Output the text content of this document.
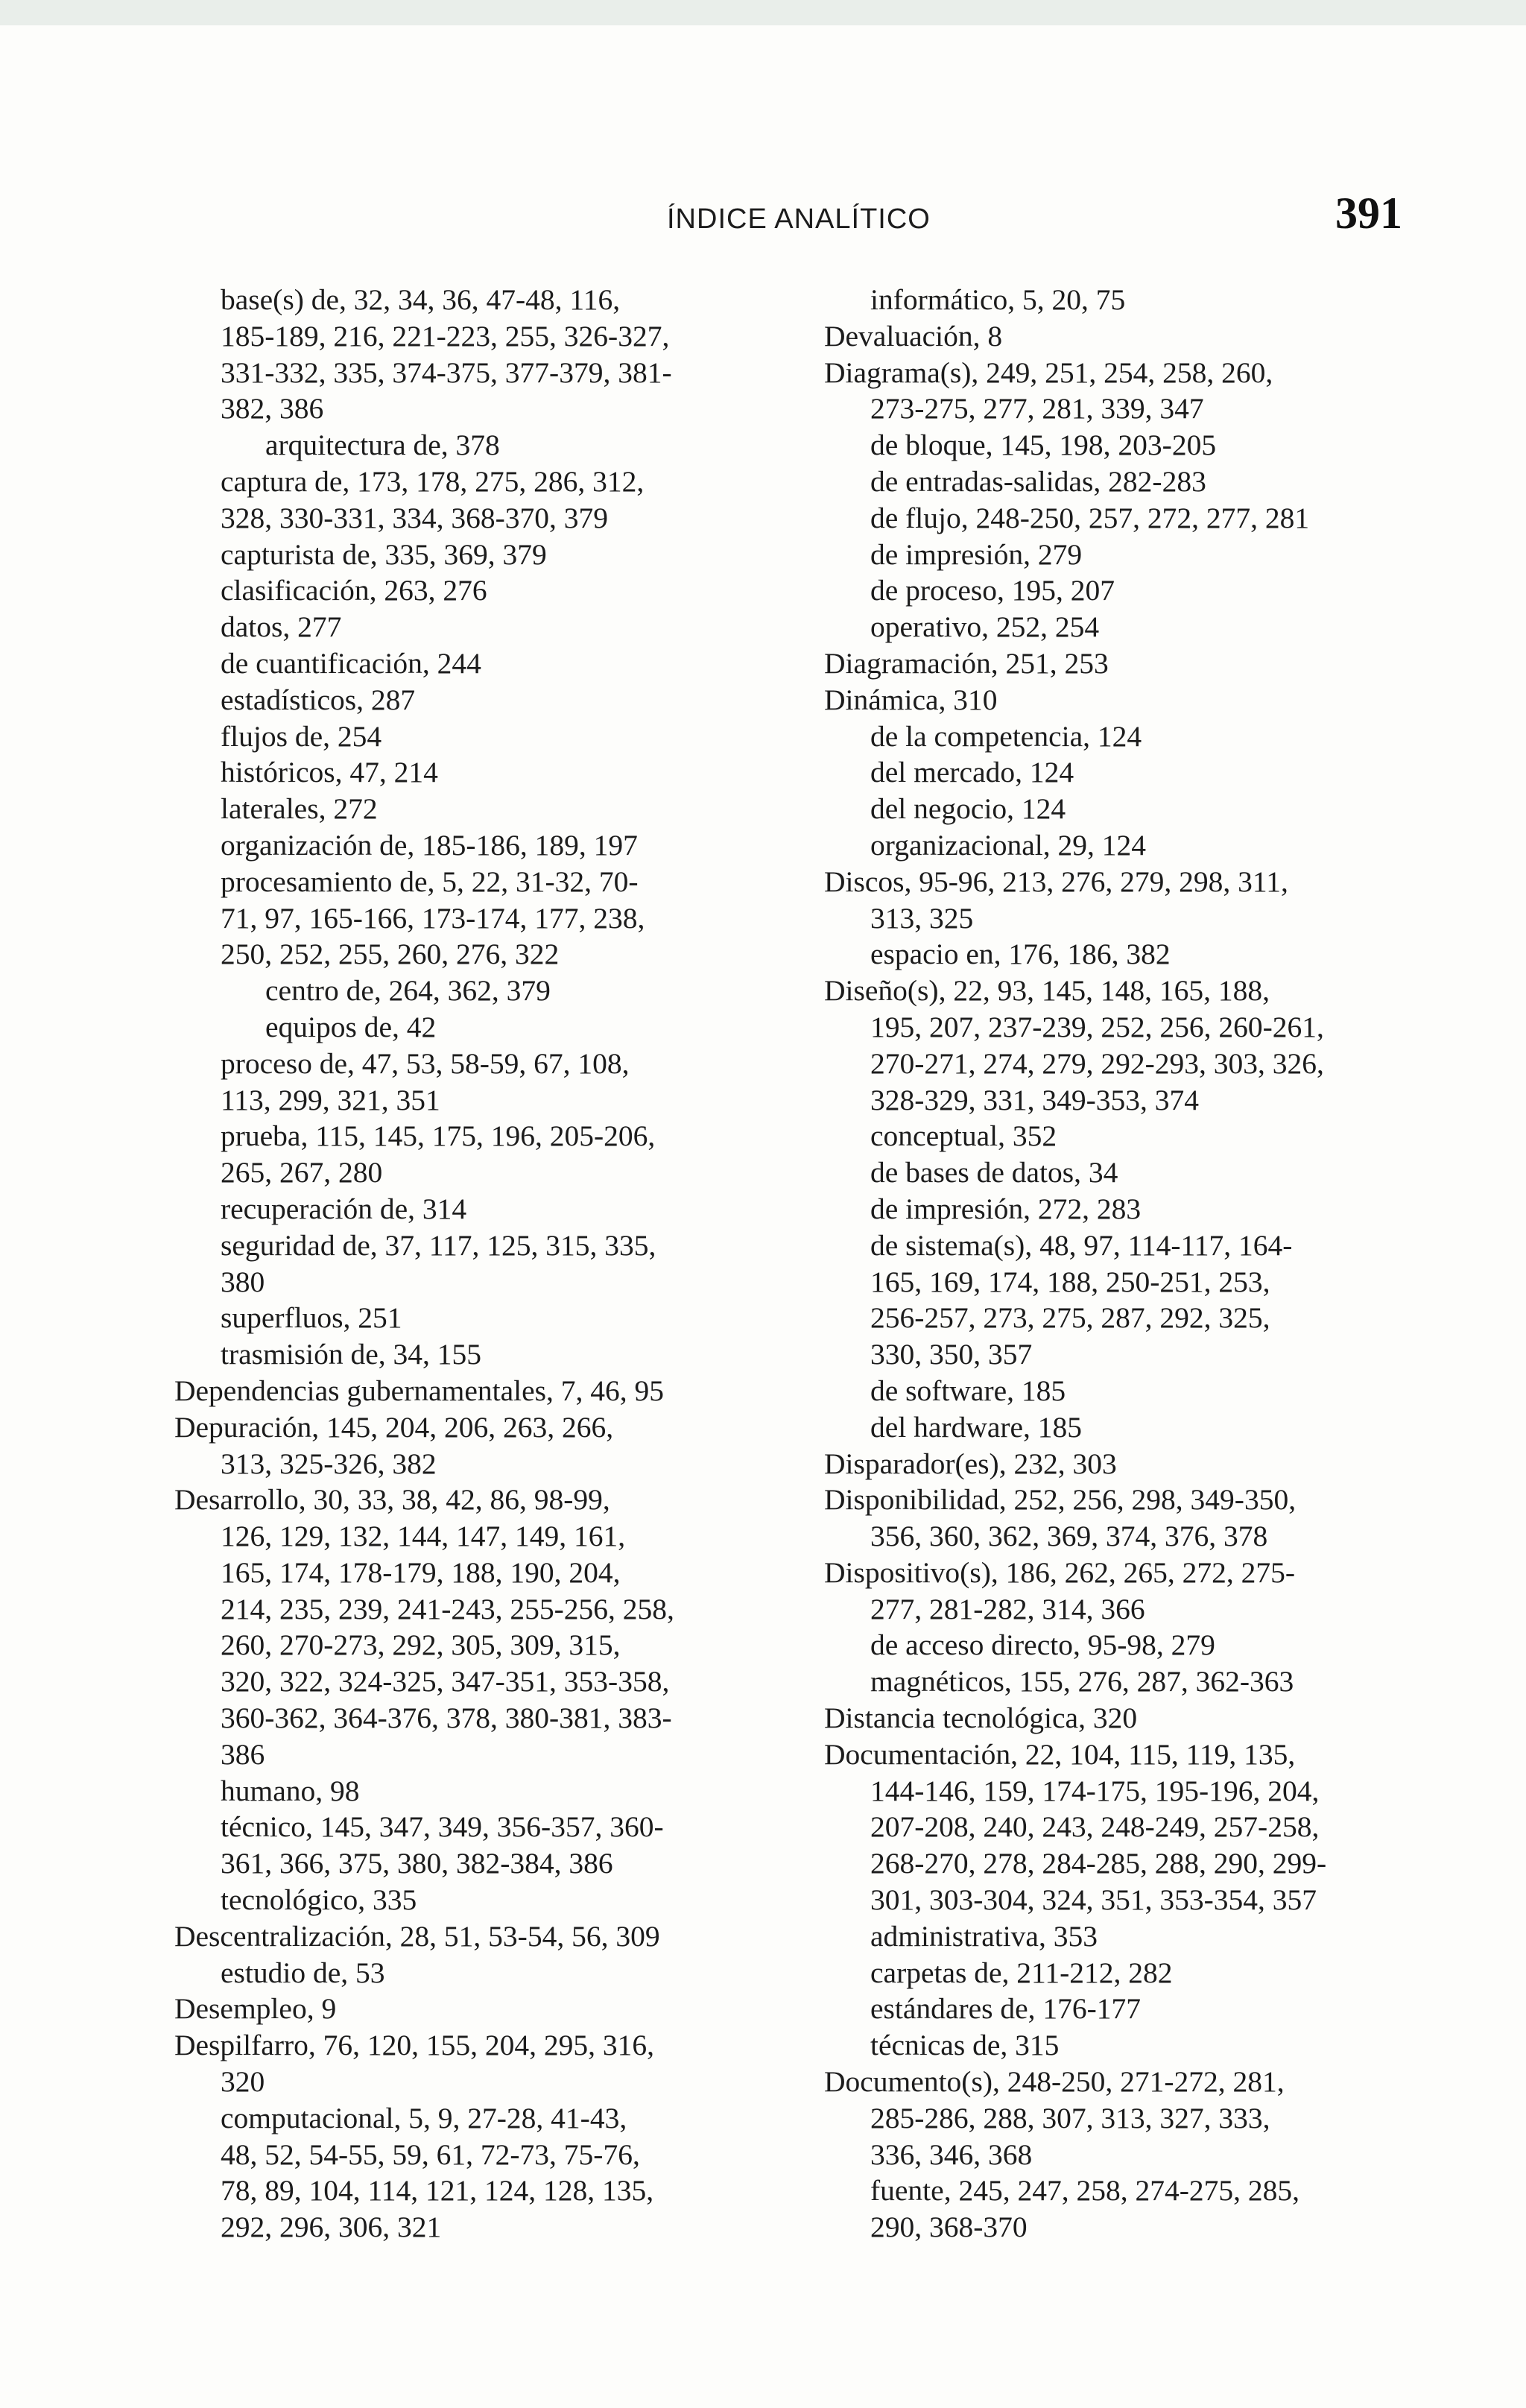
ÍNDICE ANALÍTICO	391
base(s) de, 32, 34, 36, 47-48, 116,
185-189, 216, 221-223, 255, 326-327,
331-332, 335, 374-375, 377-379, 381-
382, 386
arquitectura de, 378
captura de, 173, 178, 275, 286, 312,
328, 330-331, 334, 368-370, 379
capturista de, 335, 369, 379
clasificación, 263, 276
datos, 277
de cuantificación, 244
estadísticos, 287
flujos de, 254
históricos, 47, 214
laterales, 272
organización de, 185-186, 189, 197
procesamiento de, 5, 22, 31-32, 70-
71, 97, 165-166, 173-174, 177, 238,
250, 252, 255, 260, 276, 322
centro de, 264, 362, 379
equipos de, 42
proceso de, 47, 53, 58-59, 67, 108,
113, 299, 321, 351
prueba, 115, 145, 175, 196, 205-206,
265, 267, 280
recuperación de, 314
seguridad de, 37, 117, 125, 315, 335,
380
superfluos, 251
trasmisión de, 34, 155
Dependencias gubernamentales, 7, 46, 95
Depuración, 145, 204, 206, 263, 266,
313, 325-326, 382
Desarrollo, 30, 33, 38, 42, 86, 98-99,
126, 129, 132, 144, 147, 149, 161,
165, 174, 178-179, 188, 190, 204,
214, 235, 239, 241-243, 255-256, 258,
260, 270-273, 292, 305, 309, 315,
320, 322, 324-325, 347-351, 353-358,
360-362, 364-376, 378, 380-381, 383-
386
humano, 98
técnico, 145, 347, 349, 356-357, 360-
361, 366, 375, 380, 382-384, 386
tecnológico, 335
Descentralización, 28, 51, 53-54, 56, 309
estudio de, 53
Desempleo, 9
Despilfarro, 76, 120, 155, 204, 295, 316,
320
computacional, 5, 9, 27-28, 41-43,
48, 52, 54-55, 59, 61, 72-73, 75-76,
78, 89, 104, 114, 121, 124, 128, 135,
292, 296, 306, 321
informático, 5, 20, 75
Devaluación, 8
Diagrama(s), 249, 251, 254, 258, 260,
273-275, 277, 281, 339, 347
de bloque, 145, 198, 203-205
de entradas-salidas, 282-283
de flujo, 248-250, 257, 272, 277, 281
de impresión, 279
de proceso, 195, 207
operativo, 252, 254
Diagramación, 251, 253
Dinámica, 310
de la competencia, 124
del mercado, 124
del negocio, 124
organizacional, 29, 124
Discos, 95-96, 213, 276, 279, 298, 311,
313, 325
espacio en, 176, 186, 382
Diseño(s), 22, 93, 145, 148, 165, 188,
195, 207, 237-239, 252, 256, 260-261,
270-271, 274, 279, 292-293, 303, 326,
328-329, 331, 349-353, 374
conceptual, 352
de bases de datos, 34
de impresión, 272, 283
de sistema(s), 48, 97, 114-117, 164-
165, 169, 174, 188, 250-251, 253,
256-257, 273, 275, 287, 292, 325,
330, 350, 357
de software, 185
del hardware, 185
Disparador(es), 232, 303
Disponibilidad, 252, 256, 298, 349-350,
356, 360, 362, 369, 374, 376, 378
Dispositivo(s), 186, 262, 265, 272, 275-
277, 281-282, 314, 366
de acceso directo, 95-98, 279
magnéticos, 155, 276, 287, 362-363
Distancia tecnológica, 320
Documentación, 22, 104, 115, 119, 135,
144-146, 159, 174-175, 195-196, 204,
207-208, 240, 243, 248-249, 257-258,
268-270, 278, 284-285, 288, 290, 299-
301, 303-304, 324, 351, 353-354, 357
administrativa, 353
carpetas de, 211-212, 282
estándares de, 176-177
técnicas de, 315
Documento(s), 248-250, 271-272, 281,
285-286, 288, 307, 313, 327, 333,
336, 346, 368
fuente, 245, 247, 258, 274-275, 285,
290, 368-370
